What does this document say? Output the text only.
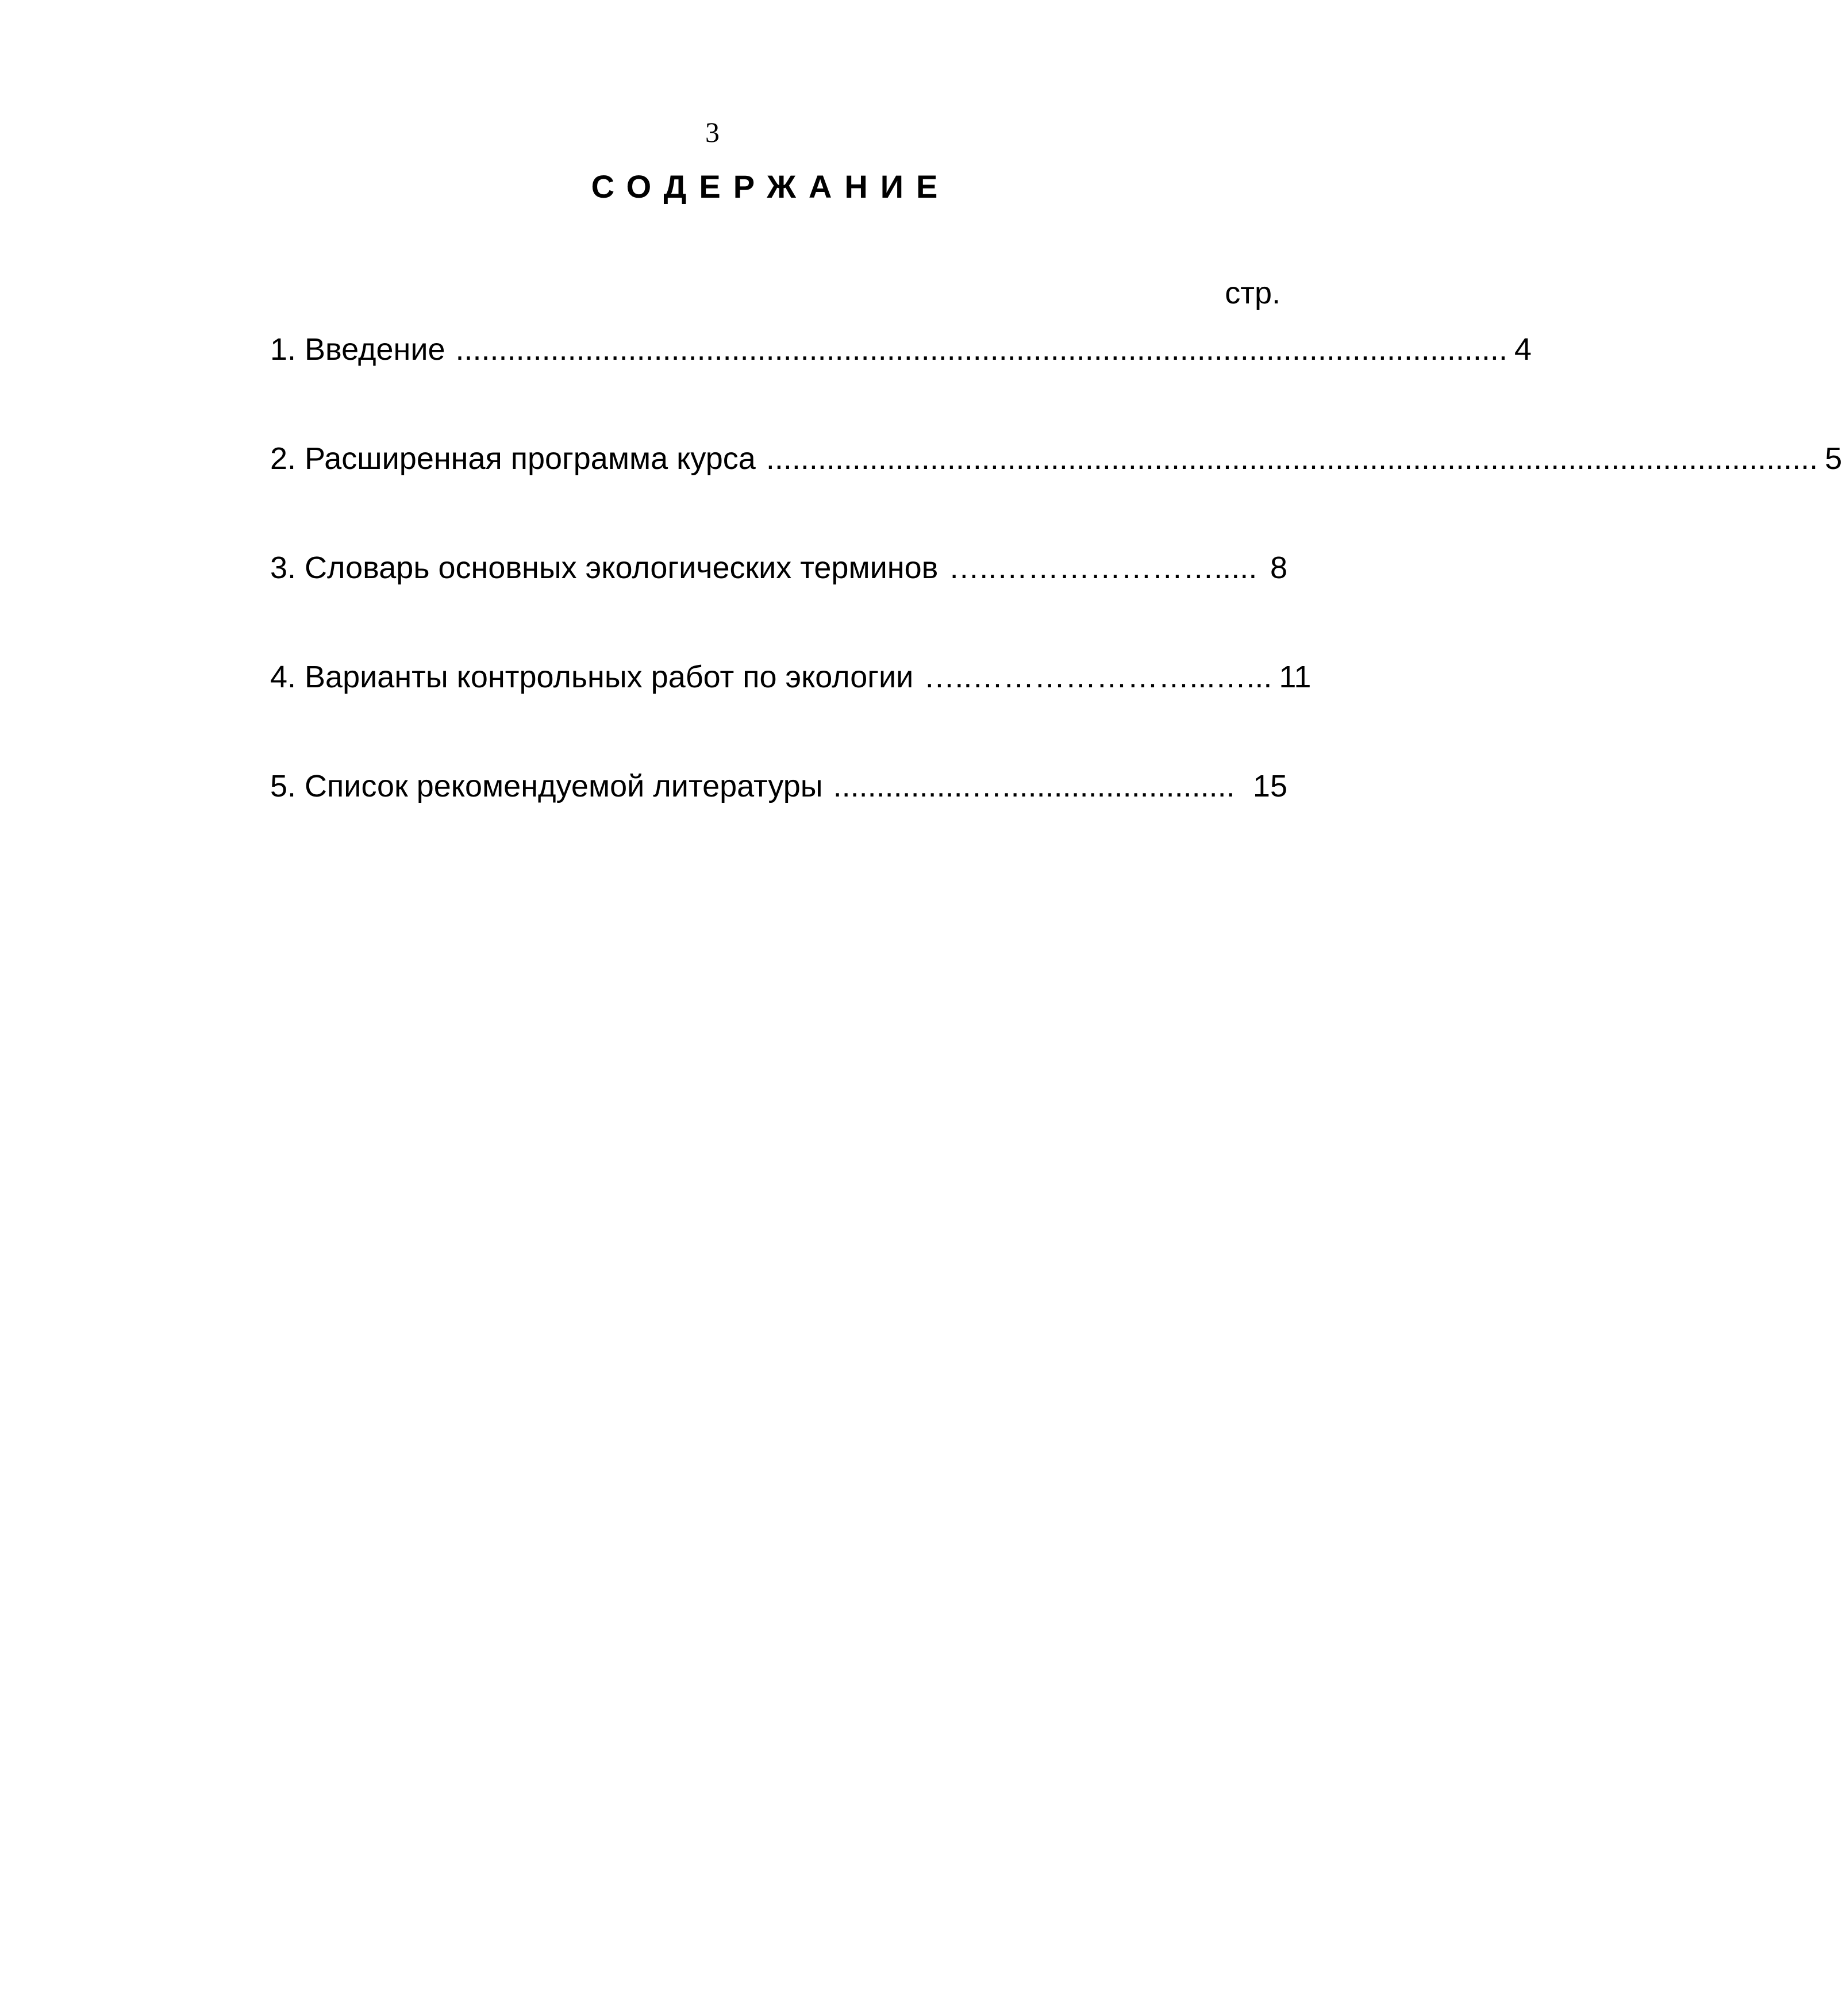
3
СОДЕРЖАНИЕ
стр.
1. Введение .......................................................................................................................... 4
2. Расширенная программа курса .......................................................................................................................... 5
3. Словарь основных экологических терминов …..…………………..... 8
4. Варианты контрольных работ по экологии …..…………………...…... 11
5. Список рекомендуемой литературы ................…........................... 15
